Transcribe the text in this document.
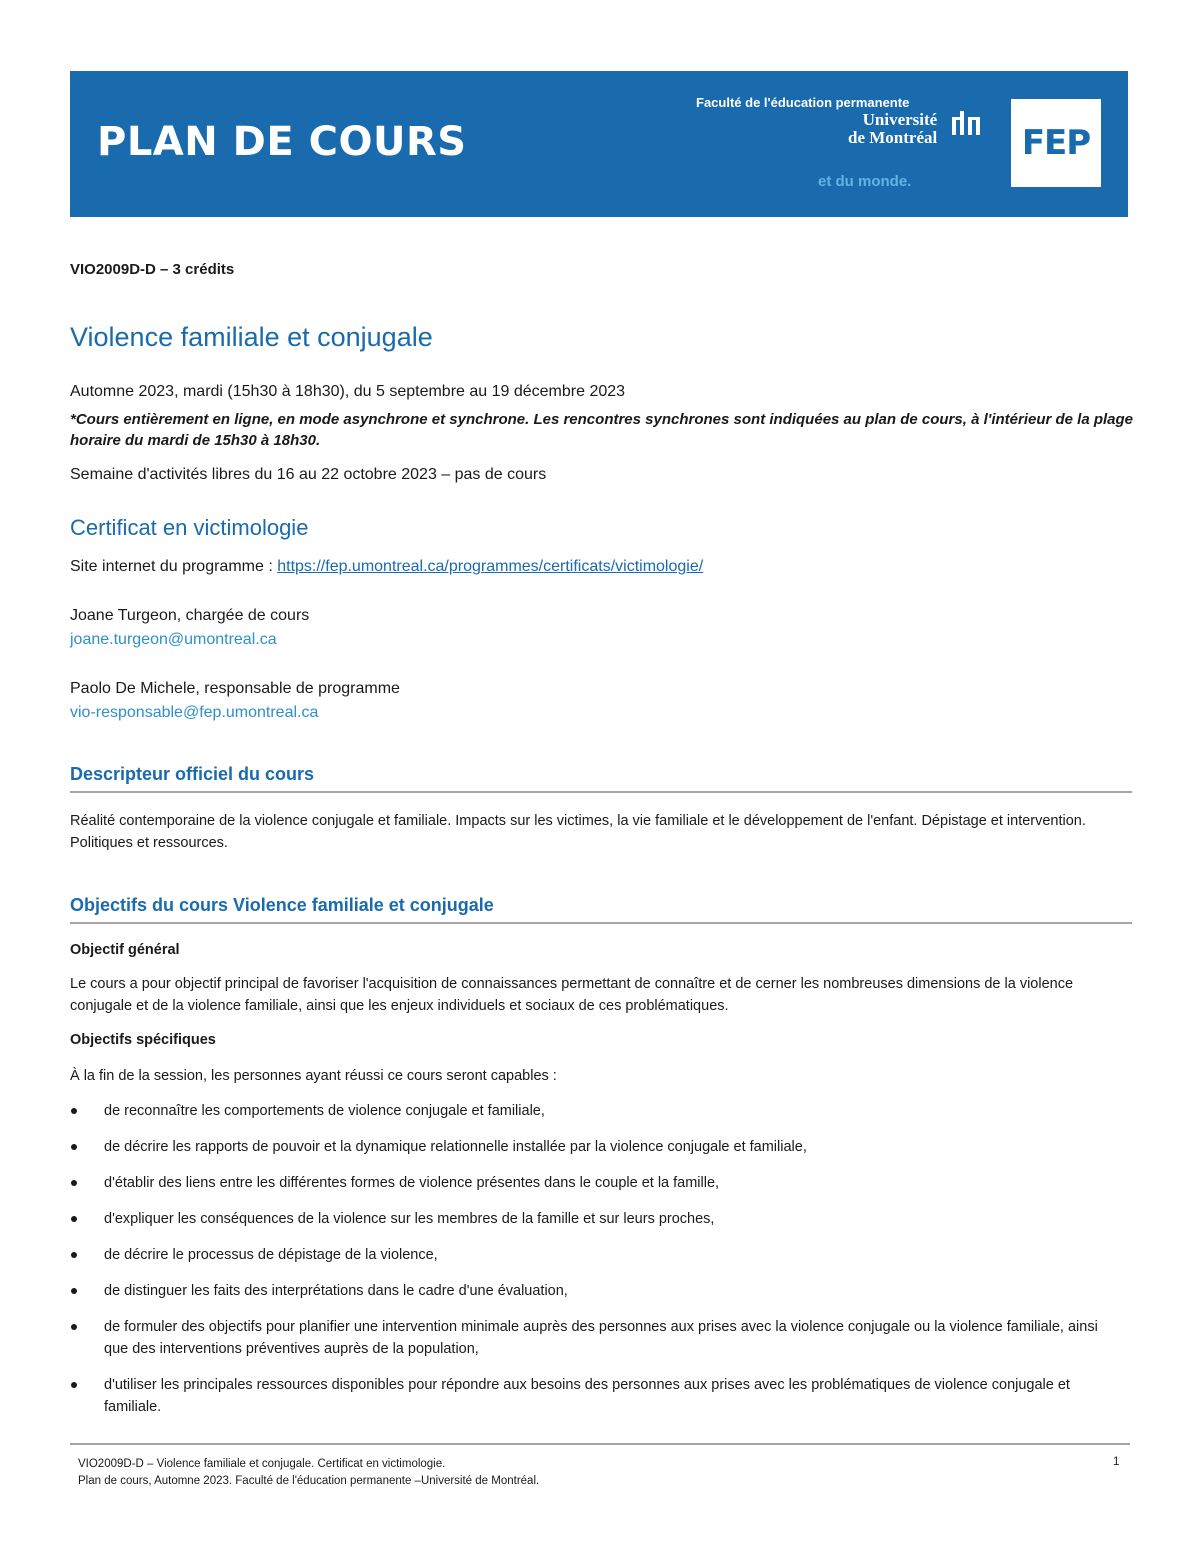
PLAN DE COURS
Faculté de l'éducation permanente
Université
de Montréal
et du monde.
FEP
VIO2009D-D – 3 crédits
Violence familiale et conjugale
Automne 2023, mardi (15h30 à 18h30), du 5 septembre au 19 décembre 2023
*Cours entièrement en ligne, en mode asynchrone et synchrone. Les rencontres synchrones sont indiquées au plan de cours, à l'intérieur de la plage horaire du mardi de 15h30 à 18h30.
Semaine d'activités libres du 16 au 22 octobre 2023 – pas de cours
Certificat en victimologie
Site internet du programme : https://fep.umontreal.ca/programmes/certificats/victimologie/
Joane Turgeon, chargée de cours
joane.turgeon@umontreal.ca
Paolo De Michele, responsable de programme
vio-responsable@fep.umontreal.ca
Descripteur officiel du cours

Réalité contemporaine de la violence conjugale et familiale. Impacts sur les victimes, la vie familiale et le développement de l'enfant. Dépistage et intervention. Politiques et ressources.

Objectifs du cours Violence familiale et conjugale
Objectif général

Le cours a pour objectif principal de favoriser l'acquisition de connaissances permettant de connaître et de cerner les nombreuses dimensions de la violence conjugale et de la violence familiale, ainsi que les enjeux individuels et sociaux de ces problématiques.

Objectifs spécifiques
À la fin de la session, les personnes ayant réussi ce cours seront capables :
de reconnaître les comportements de violence conjugale et familiale,
de décrire les rapports de pouvoir et la dynamique relationnelle installée par la violence conjugale et familiale,
d'établir des liens entre les différentes formes de violence présentes dans le couple et la famille,
d'expliquer les conséquences de la violence sur les membres de la famille et sur leurs proches,
de décrire le processus de dépistage de la violence,
de distinguer les faits des interprétations dans le cadre d'une évaluation,
de formuler des objectifs pour planifier une intervention minimale auprès des personnes aux prises avec la violence conjugale ou la violence familiale, ainsi que des interventions préventives auprès de la population,
d'utiliser les principales ressources disponibles pour répondre aux besoins des personnes aux prises avec les problématiques de violence conjugale et familiale.
VIO2009D-D – Violence familiale et conjugale. Certificat en victimologie.
Plan de cours, Automne 2023. Faculté de l'éducation permanente –Université de Montréal.
1
